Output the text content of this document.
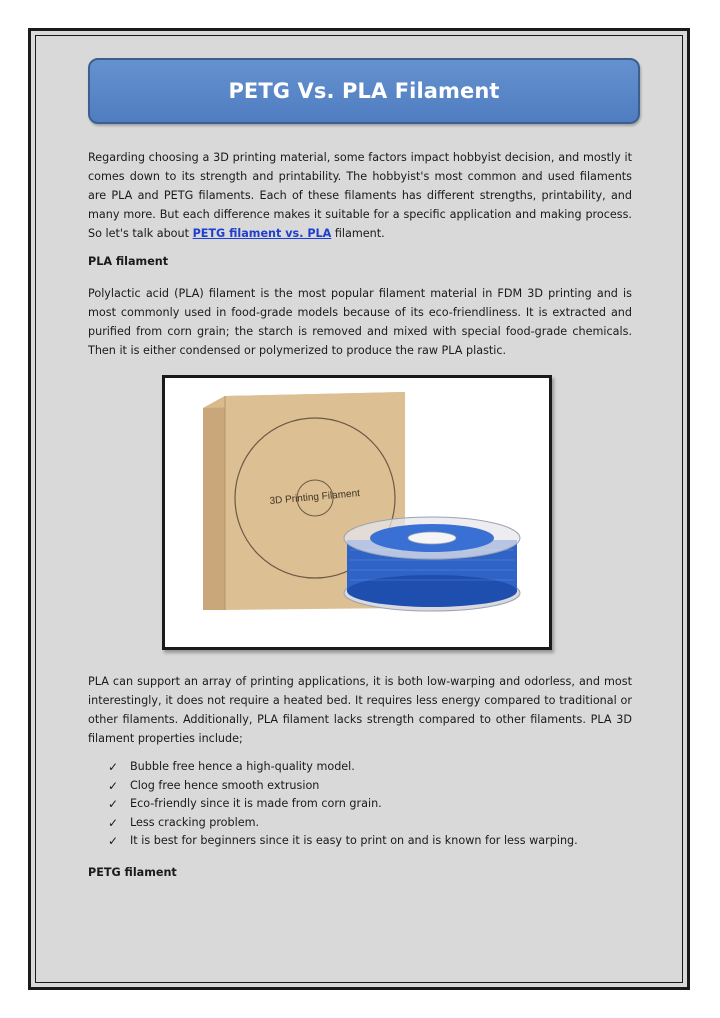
PETG Vs. PLA Filament

Regarding choosing a 3D printing material, some factors impact hobbyist decision, and mostly it comes down to its strength and printability. The hobbyist's most common and used filaments are PLA and PETG filaments. Each of these filaments has different strengths, printability, and many more. But each difference makes it suitable for a specific application and making process. So let's talk about PETG filament vs. PLA filament.

PLA filament

Polylactic acid (PLA) filament is the most popular filament material in FDM 3D printing and is most commonly used in food-grade models because of its eco-friendliness. It is extracted and purified from corn grain; the starch is removed and mixed with special food-grade chemicals. Then it is either condensed or polymerized to produce the raw PLA plastic.

3D Printing Filament

PLA can support an array of printing applications, it is both low-warping and odorless, and most interestingly, it does not require a heated bed. It requires less energy compared to traditional or other filaments. Additionally, PLA filament lacks strength compared to other filaments. PLA 3D filament properties include;

✓	Bubble free hence a high-quality model.
✓	Clog free hence smooth extrusion
✓	Eco-friendly since it is made from corn grain.
✓	Less cracking problem.
✓	It is best for beginners since it is easy to print on and is known for less warping.

PETG filament
